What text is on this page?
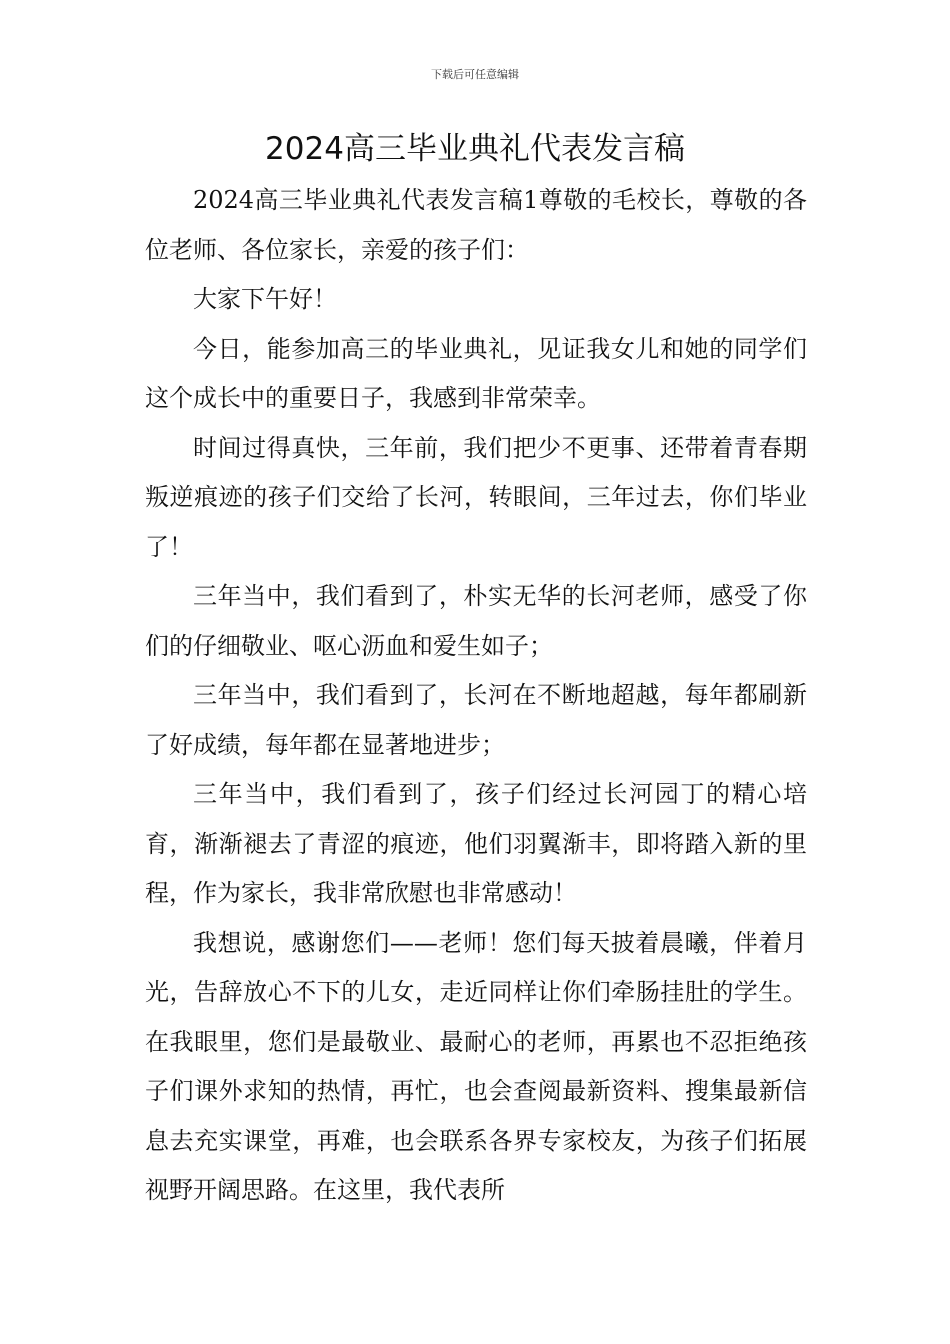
下载后可任意编辑
2024高三毕业典礼代表发言稿

2024高三毕业典礼代表发言稿1尊敬的毛校长，尊敬的各位老师、各位家长，亲爱的孩子们：

大家下午好！

今日，能参加高三的毕业典礼，见证我女儿和她的同学们这个成长中的重要日子，我感到非常荣幸。

时间过得真快，三年前，我们把少不更事、还带着青春期叛逆痕迹的孩子们交给了长河，转眼间，三年过去，你们毕业了！

三年当中，我们看到了，朴实无华的长河老师，感受了你们的仔细敬业、呕心沥血和爱生如子；

三年当中，我们看到了，长河在不断地超越，每年都刷新了好成绩，每年都在显著地进步；

三年当中，我们看到了，孩子们经过长河园丁的精心培育，渐渐褪去了青涩的痕迹，他们羽翼渐丰，即将踏入新的里程，作为家长，我非常欣慰也非常感动！

我想说，感谢您们——老师！您们每天披着晨曦，伴着月光，告辞放心不下的儿女，走近同样让你们牵肠挂肚的学生。在我眼里，您们是最敬业、最耐心的老师，再累也不忍拒绝孩子们课外求知的热情，再忙，也会查阅最新资料、搜集最新信息去充实课堂，再难，也会联系各界专家校友，为孩子们拓展视野开阔思路。在这里，我代表所
